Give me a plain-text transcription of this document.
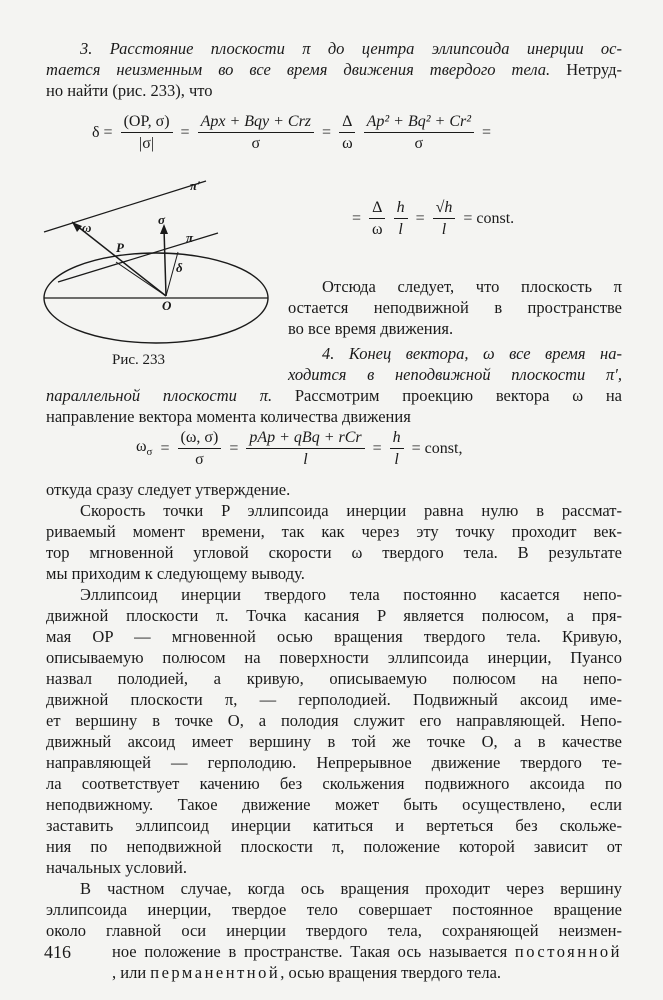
3. Расстояние плоскости π до центра эллипсоида инерции ос-
тается неизменным во все время движения твердого тела. Нетруд-
но найти (рис. 233), что
$\delta = \frac{(OP, \sigma)}{|\sigma|} = \frac{\text{Apx + Bqy + Crz}}{\sigma} = \frac{\Delta}{\omega} \frac{\text{Ap² + Bq² + Cr²}}{\sigma}$ =
π′
ω
P
σ
π
δ
O
Рис. 233
= $\frac{\Delta}{\omega} \frac{h}{l} = \frac{√h}{l}$ = const.
Отсюда следует, что плоскость π
остается неподвижной в пространстве
во все время движения.
4. Конец вектора, ω все время на-
ходится в неподвижной плоскости π′,
параллельной плоскости π. Рассмотрим проекцию вектора ω на
направление вектора момента количества движения
$\omega_\sigma = \frac{(\omega, \sigma)}{\sigma} = \frac{\text{pAp + qBq + rCr}}{l} = \frac{h}{l}$ = const,
откуда сразу следует утверждение.
Скорость точки P эллипсоида инерции равна нулю в рассмат-
риваемый момент времени, так как через эту точку проходит век-
тор мгновенной угловой скорости ω твердого тела. В результате
мы приходим к следующему выводу.
Эллипсоид инерции твердого тела постоянно касается непо-
движной плоскости π. Точка касания P является полюсом, а пря-
мая OP — мгновенной осью вращения твердого тела. Кривую,
описываемую полюсом на поверхности эллипсоида инерции, Пуансо
назвал полодией, а кривую, описываемую полюсом на непо-
движной плоскости π, — герполодией. Подвижный аксоид име-
ет вершину в точке O, а полодия служит его направляющей. Непо-
движный аксоид имеет вершину в той же точке O, а в качестве
направляющей — герполодию. Непрерывное движение твердого те-
ла соответствует качению без скольжения подвижного аксоида по
неподвижному. Такое движение может быть осуществлено, если
заставить эллипсоид инерции катиться и вертеться без скольже-
ния по неподвижной плоскости π, положение которой зависит от
начальных условий.
В частном случае, когда ось вращения проходит через вершину
эллипсоида инерции, твердое тело совершает постоянное вращение
около главной оси инерции твердого тела, сохраняющей неизмен-
ное положение в пространстве. Такая ось называется постоянной
, или перманентной, осью вращения твердого тела.
416
